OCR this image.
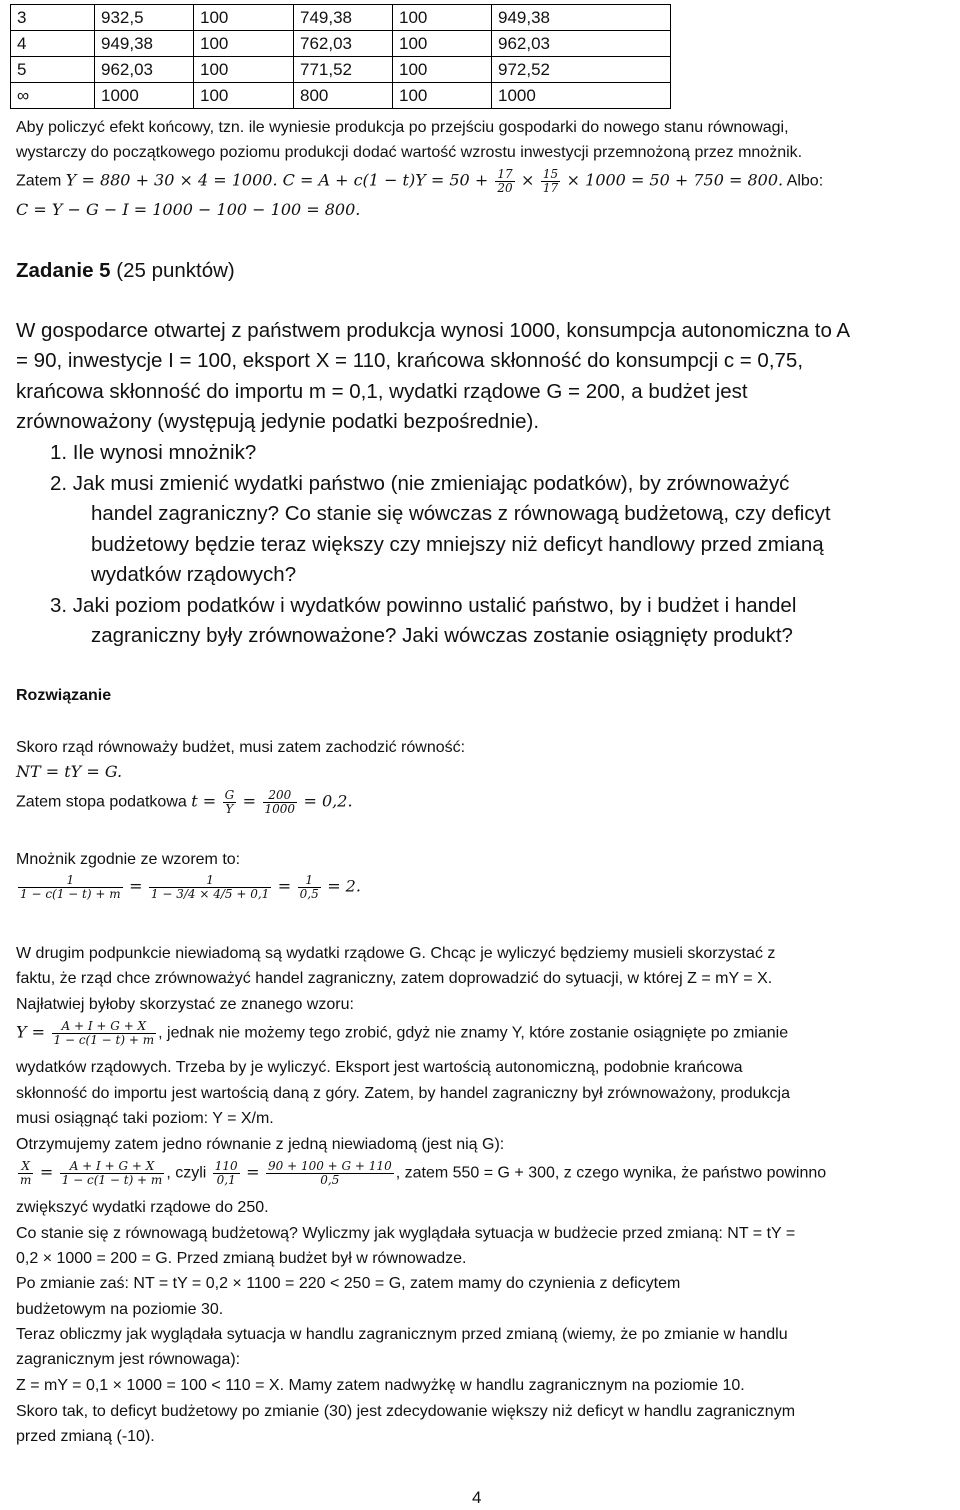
3	932,5	100	749,38	100	949,38
4	949,38	100	762,03	100	962,03
5	962,03	100	771,52	100	972,52
∞	1000	100	800	100	1000
Aby policzyć efekt końcowy, tzn. ile wyniesie produkcja po przejściu gospodarki do nowego stanu równowagi,
wystarczy do początkowego poziomu produkcji dodać wartość wzrostu inwestycji przemnożoną przez mnożnik.
Zatem Y = 880 + 30 × 4 = 1000. $C = A + c(1 - t)Y = 50 + \frac{17}{20} \times \frac{15}{17} \times 1000 = 50 + 750 = 800$. Albo:
C = Y − G − I = 1000 − 100 − 100 = 800.
Zadanie 5 (25 punktów)
W gospodarce otwartej z państwem produkcja wynosi 1000, konsumpcja autonomiczna to A
= 90, inwestycje I = 100, eksport X = 110, krańcowa skłonność do konsumpcji c = 0,75,
krańcowa skłonność do importu m = 0,1, wydatki rządowe G = 200, a budżet jest
zrównoważony (występują jedynie podatki bezpośrednie).
1. Ile wynosi mnożnik?
2. Jak musi zmienić wydatki państwo (nie zmieniając podatków), by zrównoważyć
handel zagraniczny? Co stanie się wówczas z równowagą budżetową, czy deficyt
budżetowy będzie teraz większy czy mniejszy niż deficyt handlowy przed zmianą
wydatków rządowych?
3. Jaki poziom podatków i wydatków powinno ustalić państwo, by i budżet i handel
zagraniczny były zrównoważone? Jaki wówczas zostanie osiągnięty produkt?
Rozwiązanie
Skoro rząd równoważy budżet, musi zatem zachodzić równość:
NT = tY = G.
Zatem stopa podatkowa $t = \frac{G}{Y} = \frac{200}{1000} = 0,2$.
Mnożnik zgodnie ze wzorem to:
$\frac{1}{1 - c(1 - t) + m} = \frac{1}{1 - 3/4 \times 4/5 + 0,1} = \frac{1}{0,5} = 2$.
W drugim podpunkcie niewiadomą są wydatki rządowe G. Chcąc je wyliczyć będziemy musieli skorzystać z
faktu, że rząd chce zrównoważyć handel zagraniczny, zatem doprowadzić do sytuacji, w której Z = mY = X.
Najłatwiej byłoby skorzystać ze znanego wzoru:
$Y = \frac{A + I + G + X}{1 - c(1 - t) + m}$ , jednak nie możemy tego zrobić, gdyż nie znamy Y, które zostanie osiągnięte po zmianie
wydatków rządowych. Trzeba by je wyliczyć. Eksport jest wartością autonomiczną, podobnie krańcowa
skłonność do importu jest wartością daną z góry. Zatem, by handel zagraniczny był zrównoważony, produkcja
musi osiągnąć taki poziom: Y = X/m.
Otrzymujemy zatem jedno równanie z jedną niewiadomą (jest nią G):
$\frac{X}{m} = \frac{A + I + G + X}{1 - c(1 - t) + m}$ , czyli $\frac{110}{0,1} = \frac{90 + 100 + G + 110}{0,5}$ , zatem 550 = G + 300, z czego wynika, że państwo powinno
zwiększyć wydatki rządowe do 250.
Co stanie się z równowagą budżetową? Wyliczmy jak wyglądała sytuacja w budżecie przed zmianą: NT = tY =
0,2 × 1000 = 200 = G. Przed zmianą budżet był w równowadze.
Po zmianie zaś: NT = tY = 0,2 × 1100 = 220 < 250 = G, zatem mamy do czynienia z deficytem
budżetowym na poziomie 30.
Teraz obliczmy jak wyglądała sytuacja w handlu zagranicznym przed zmianą (wiemy, że po zmianie w handlu
zagranicznym jest równowaga):
Z = mY = 0,1 × 1000 = 100 < 110 = X. Mamy zatem nadwyżkę w handlu zagranicznym na poziomie 10.
Skoro tak, to deficyt budżetowy po zmianie (30) jest zdecydowanie większy niż deficyt w handlu zagranicznym
przed zmianą (-10).
4
